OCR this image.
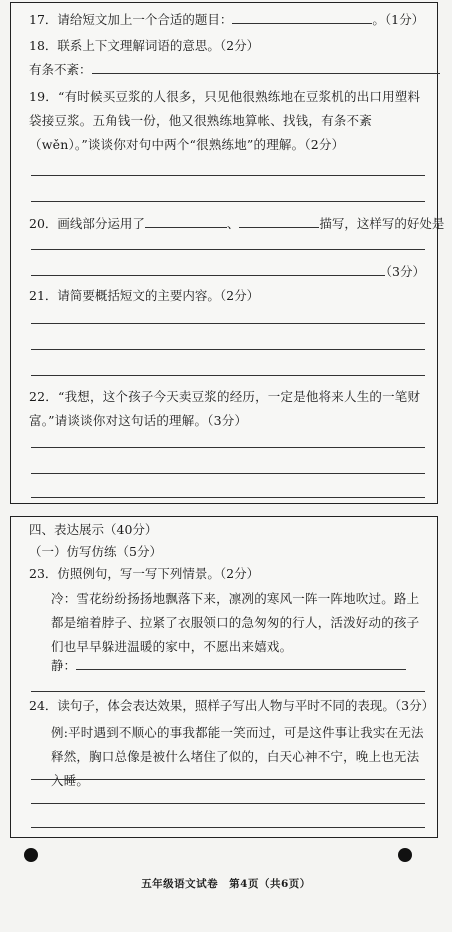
17．请给短文加上一个合适的题目：	。（1分）
18．联系上下文理解词语的意思。（2分）
有条不紊：
19．“有时候买豆浆的人很多，只见他很熟练地在豆浆机的出口用塑料袋接豆浆。五角钱一份，他又很熟练地算帐、找钱，有条不紊（wěn）。”谈谈你对句中两个“很熟练地”的理解。（2分）
20．画线部分运用了	、	描写，这样写的好处是
（3分）
21．请简要概括短文的主要内容。（2分）
22．“我想，这个孩子今天卖豆浆的经历，一定是他将来人生的一笔财富。”请谈谈你对这句话的理解。（3分）
四、表达展示（40分）
（一）仿写仿练（5分）
23．仿照例句，写一写下列情景。（2分）
冷：雪花纷纷扬扬地飘落下来，凛冽的寒风一阵一阵地吹过。路上都是缩着脖子、拉紧了衣服领口的急匆匆的行人，活泼好动的孩子们也早早躲进温暖的家中，不愿出来嬉戏。
静：
24．读句子，体会表达效果，照样子写出人物与平时不同的表现。（3分）
例:平时遇到不顺心的事我都能一笑而过，可是这件事让我实在无法释然，胸口总像是被什么堵住了似的，白天心神不宁，晚上也无法入睡。
五年级语文试卷　第4页（共6页）
